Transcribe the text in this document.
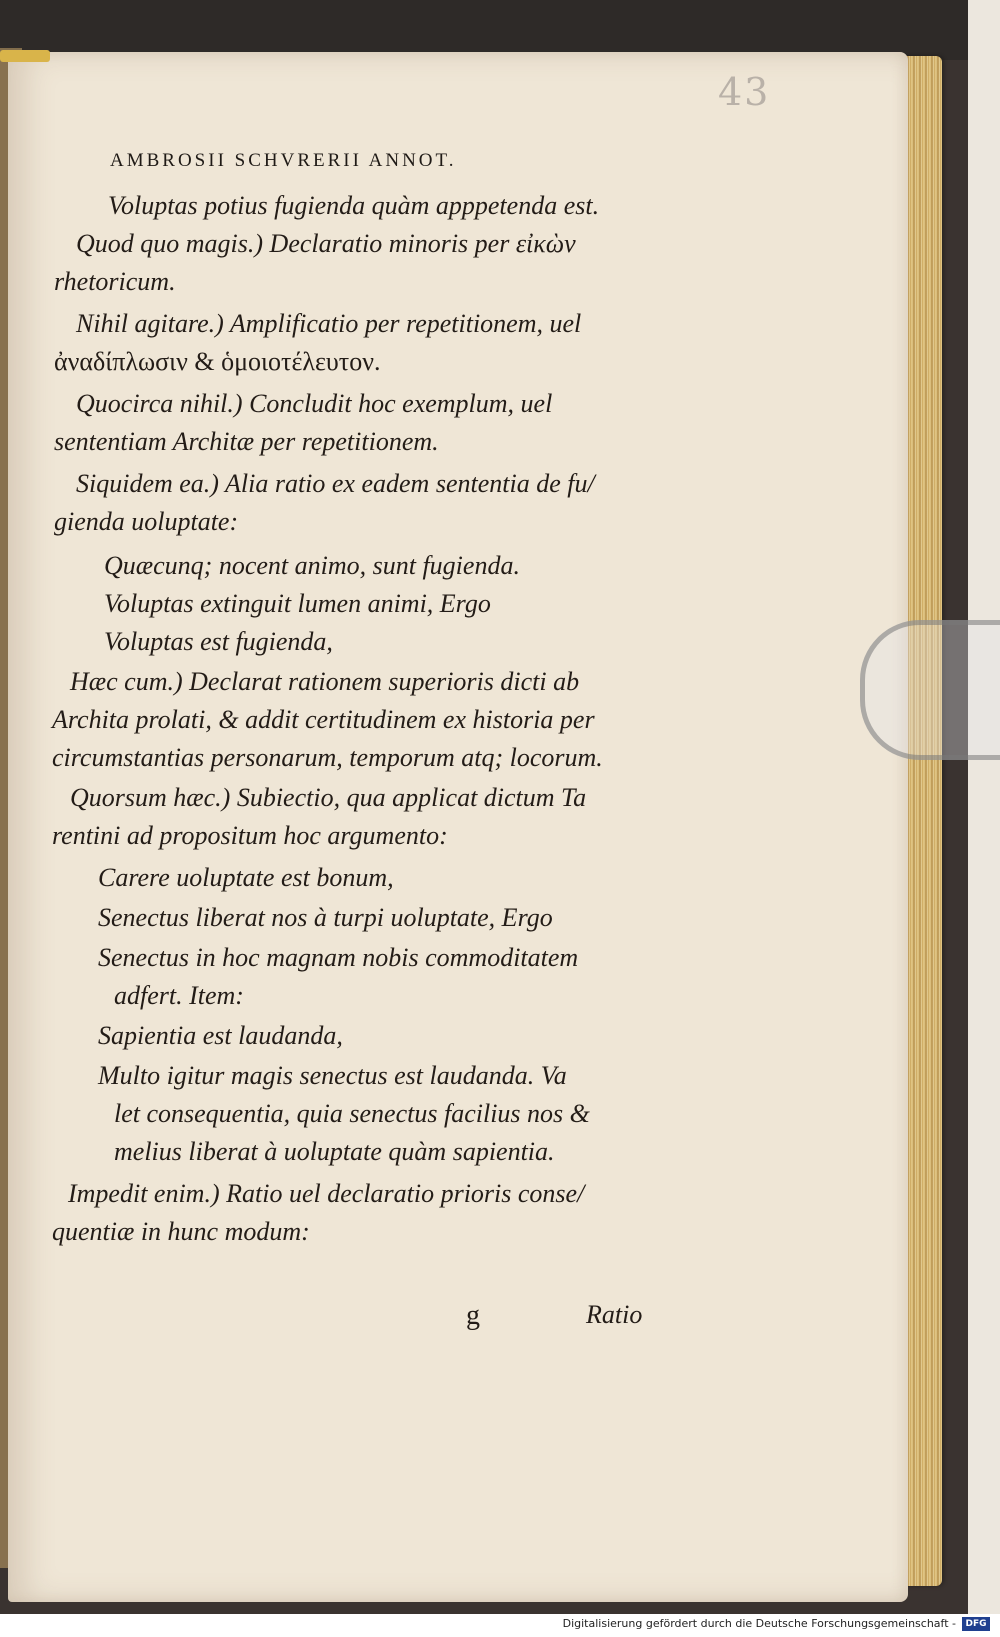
43
AMBROSII SCHVRERII ANNOT.
Voluptas potius fugienda quàm apppetenda est.
Quod quo magis.) Declaratio minoris per εἰκὼν
rhetoricum.
Nihil agitare.) Amplificatio per repetitionem, uel
ἀναδίπλωσιν & ὁμοιοτέλευτον.
Quocirca nihil.) Concludit hoc exemplum, uel
sententiam Architæ per repetitionem.
Siquidem ea.) Alia ratio ex eadem sententia de fu/
gienda uoluptate:
Quæcunq; nocent animo, sunt fugienda.
Voluptas extinguit lumen animi, Ergo
Voluptas est fugienda,
Hæc cum.) Declarat rationem superioris dicti ab
Archita prolati, & addit certitudinem ex historia per
circumstantias personarum, temporum atq; locorum.
Quorsum hæc.) Subiectio, qua applicat dictum Ta
rentini ad propositum hoc argumento:
Carere uoluptate est bonum,
Senectus liberat nos à turpi uoluptate, Ergo
Senectus in hoc magnam nobis commoditatem
adfert. Item:
Sapientia est laudanda,
Multo igitur magis senectus est laudanda. Va
let consequentia, quia senectus facilius nos &
melius liberat à uoluptate quàm sapientia.
Impedit enim.) Ratio uel declaratio prioris conse/
quentiæ in hunc modum:
g	Ratio
Digitalisierung gefördert durch die Deutsche Forschungsgemeinschaft -	DFG
